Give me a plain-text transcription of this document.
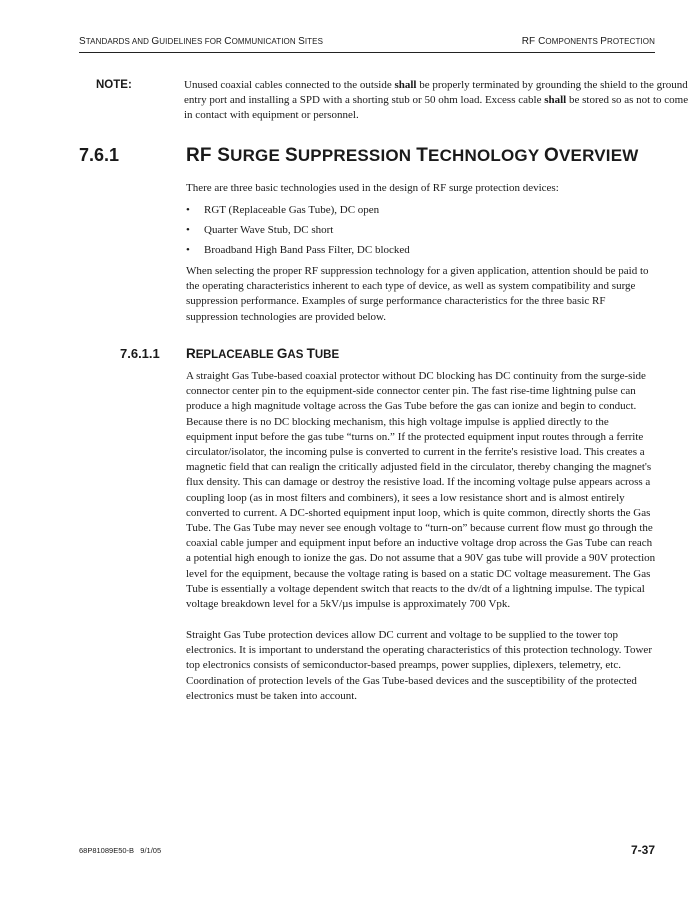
STANDARDS AND GUIDELINES FOR COMMUNICATION SITES	RF COMPONENTS PROTECTION
NOTE:	Unused coaxial cables connected to the outside shall be properly terminated by grounding the shield to the ground entry port and installing a SPD with a shorting stub or 50 ohm load. Excess cable shall be stored so as not to come in contact with equipment or personnel.
7.6.1	RF SURGE SUPPRESSION TECHNOLOGY OVERVIEW
There are three basic technologies used in the design of RF surge protection devices:
• RGT (Replaceable Gas Tube), DC open
• Quarter Wave Stub, DC short
• Broadband High Band Pass Filter, DC blocked
When selecting the proper RF suppression technology for a given application, attention should be paid to the operating characteristics inherent to each type of device, as well as system compatibility and surge suppression performance. Examples of surge performance characteristics for the three basic RF suppression technologies are provided below.
7.6.1.1 REPLACEABLE GAS TUBE
A straight Gas Tube-based coaxial protector without DC blocking has DC continuity from the surge-side connector center pin to the equipment-side connector center pin. The fast rise-time lightning pulse can produce a high magnitude voltage across the Gas Tube before the gas can ionize and begin to conduct. Because there is no DC blocking mechanism, this high voltage impulse is applied directly to the equipment input before the gas tube “turns on.” If the protected equipment input routes through a ferrite circulator/isolator, the incoming pulse is converted to current in the ferrite's resistive load. This creates a magnetic field that can realign the critically adjusted field in the circulator, thereby changing the magnet's flux density. This can damage or destroy the resistive load. If the incoming voltage pulse appears across a coupling loop (as in most filters and combiners), it sees a low resistance short and is almost entirely converted to current. A DC-shorted equipment input loop, which is quite common, directly shorts the Gas Tube. The Gas Tube may never see enough voltage to “turn-on” because current flow must go through the coaxial cable jumper and equipment input before an inductive voltage drop across the Gas Tube can reach a potential high enough to ionize the gas. Do not assume that a 90V gas tube will provide a 90V protection level for the equipment, because the voltage rating is based on a static DC voltage measurement. The Gas Tube is essentially a voltage dependent switch that reacts to the dv/dt of a lightning impulse. The typical voltage breakdown level for a 5kV/µs impulse is approximately 700 Vpk.
Straight Gas Tube protection devices allow DC current and voltage to be supplied to the tower top electronics. It is important to understand the operating characteristics of this protection technology. Tower top electronics consists of semiconductor-based preamps, power supplies, diplexers, telemetry, etc. Coordination of protection levels of the Gas Tube-based devices and the susceptibility of the protected electronics must be taken into account.
68P81089E50-B   9/1/05	7-37
